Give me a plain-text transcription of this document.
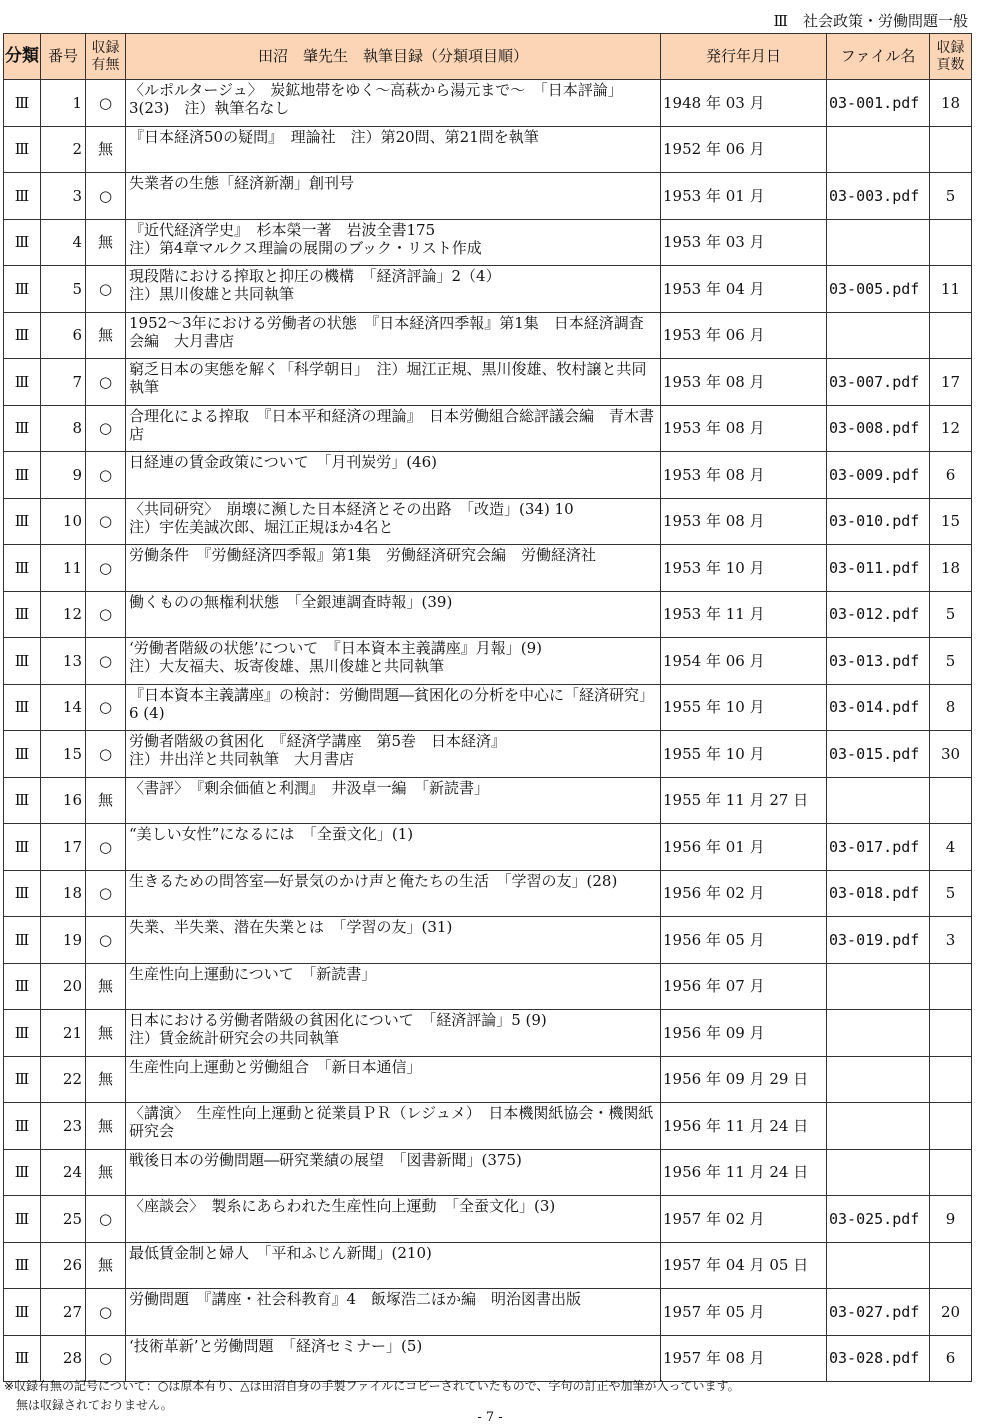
Ⅲ　社会政策・労働問題一般
分類	番号	収録
有無	田沼　肇先生　執筆目録（分類項目順）	発行年月日	ファイル名	収録
頁数
Ⅲ	1	○	〈ルポルタージュ〉　炭鉱地帯をゆく～高萩から湯元まで～　「日本評論」3(23)　注）執筆名なし	1948 年 03 月	03-001.pdf	18
Ⅲ	2	無	『日本経済50の疑問』　理論社　注）第20問、第21問を執筆	1952 年 06 月		
Ⅲ	3	○	失業者の生態「経済新潮」創刊号	1953 年 01 月	03-003.pdf	5
Ⅲ	4	無	『近代経済学史』　杉本榮一著　岩波全書175
注）第4章マルクス理論の展開のブック・リスト作成	1953 年 03 月		
Ⅲ	5	○	現段階における搾取と抑圧の機構　「経済評論」2（4）
注）黒川俊雄と共同執筆	1953 年 04 月	03-005.pdf	11
Ⅲ	6	無	1952～3年における労働者の状態　『日本経済四季報』第1集　日本経済調査会編　大月書店	1953 年 06 月		
Ⅲ	7	○	窮乏日本の実態を解く「科学朝日」　注）堀江正規、黒川俊雄、牧村譲と共同執筆	1953 年 08 月	03-007.pdf	17
Ⅲ	8	○	合理化による搾取　『日本平和経済の理論』　日本労働組合総評議会編　青木書店	1953 年 08 月	03-008.pdf	12
Ⅲ	9	○	日経連の賃金政策について　「月刊炭労」(46)	1953 年 08 月	03-009.pdf	6
Ⅲ	10	○	〈共同研究〉　崩壊に瀕した日本経済とその出路　「改造」(34) 10
注）宇佐美誠次郎、堀江正規ほか4名と	1953 年 08 月	03-010.pdf	15
Ⅲ	11	○	労働条件　『労働経済四季報』第1集　労働経済研究会編　労働経済社	1953 年 10 月	03-011.pdf	18
Ⅲ	12	○	働くものの無権利状態　「全銀連調査時報」(39)	1953 年 11 月	03-012.pdf	5
Ⅲ	13	○	‘労働者階級の状態’について　『日本資本主義講座』月報」(9)
注）大友福夫、坂寄俊雄、黒川俊雄と共同執筆	1954 年 06 月	03-013.pdf	5
Ⅲ	14	○	『日本資本主義講座』の検討：労働問題―貧困化の分析を中心に「経済研究」6 (4)	1955 年 10 月	03-014.pdf	8
Ⅲ	15	○	労働者階級の貧困化　『経済学講座　第5巻　日本経済』
注）井出洋と共同執筆　大月書店	1955 年 10 月	03-015.pdf	30
Ⅲ	16	無	〈書評〉　『剰余価値と利潤』　井汲卓一編　「新読書」	1955 年 11 月 27 日		
Ⅲ	17	○	“美しい女性”になるには　「全蚕文化」(1)	1956 年 01 月	03-017.pdf	4
Ⅲ	18	○	生きるための問答室―好景気のかけ声と俺たちの生活　「学習の友」(28)	1956 年 02 月	03-018.pdf	5
Ⅲ	19	○	失業、半失業、潜在失業とは　「学習の友」(31)	1956 年 05 月	03-019.pdf	3
Ⅲ	20	無	生産性向上運動について　「新読書」	1956 年 07 月		
Ⅲ	21	無	日本における労働者階級の貧困化について　「経済評論」5 (9)
注）賃金統計研究会の共同執筆	1956 年 09 月		
Ⅲ	22	無	生産性向上運動と労働組合　「新日本通信」	1956 年 09 月 29 日		
Ⅲ	23	無	〈講演〉　生産性向上運動と従業員ＰＲ（レジュメ）　日本機関紙協会・機関紙研究会	1956 年 11 月 24 日		
Ⅲ	24	無	戦後日本の労働問題―研究業績の展望　「図書新聞」(375)	1956 年 11 月 24 日		
Ⅲ	25	○	〈座談会〉　製糸にあらわれた生産性向上運動　「全蚕文化」(3)	1957 年 02 月	03-025.pdf	9
Ⅲ	26	無	最低賃金制と婦人　「平和ふじん新聞」(210)	1957 年 04 月 05 日		
Ⅲ	27	○	労働問題　『講座・社会科教育』4　飯塚浩二ほか編　明治図書出版	1957 年 05 月	03-027.pdf	20
Ⅲ	28	○	‘技術革新’と労働問題　「経済セミナー」(5)	1957 年 08 月	03-028.pdf	6
※収録有無の記号について：○は原本有り、△は田沼自身の手製ファイルにコピーされていたもので、字句の訂正や加筆が入っています。
無は収録されておりません。
- 7 -
